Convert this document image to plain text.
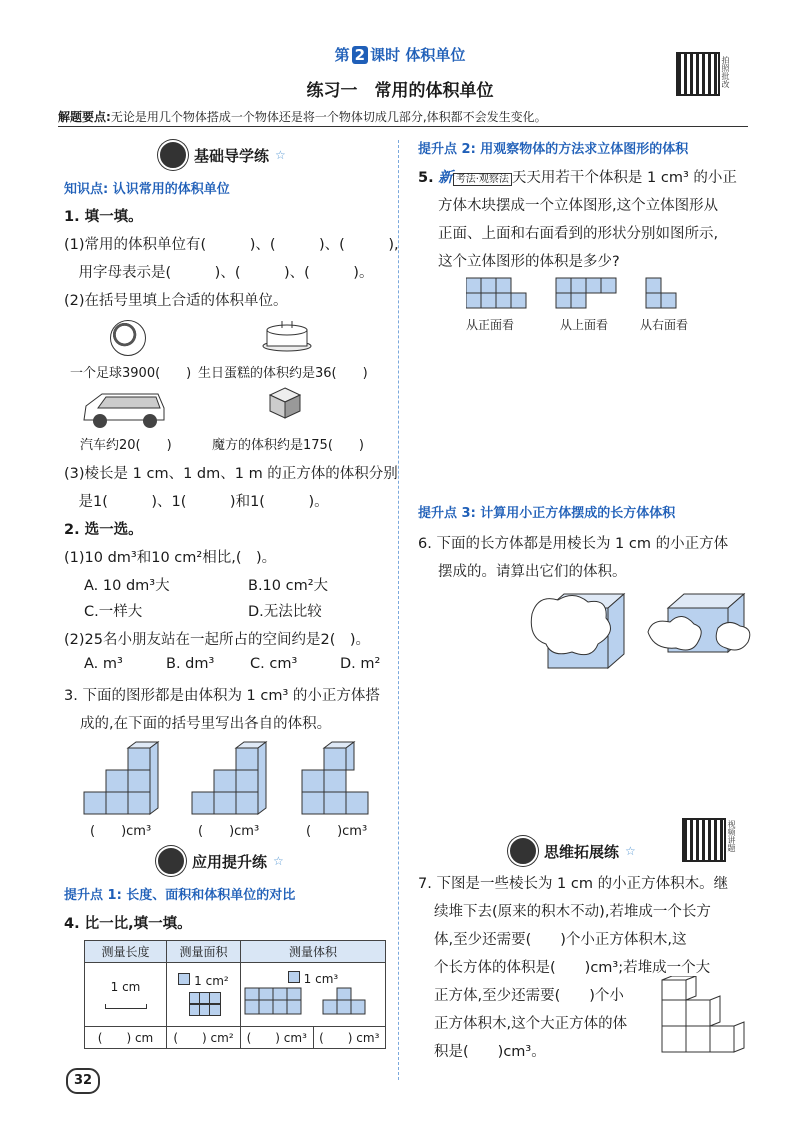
第 2 课时 体积单位
练习一　常用的体积单位
拍照批改
解题要点:无论是用几个物体搭成一个物体还是将一个物体切成几部分,体积都不会发生变化。
基础导学练 ☆
知识点: 认识常用的体积单位
1. 填一填。
(1)常用的体积单位有(　　　)、(　　　)、(　　　),
　用字母表示是(　　　)、(　　　)、(　　　)。
(2)在括号里填上合适的体积单位。
一个足球3900(　　) 生日蛋糕的体积约是36(　　)
汽车约20(　　)	魔方的体积约是175(　　)
(3)棱长是 1 cm、1 dm、1 m 的正方体的体积分别
　是1(　　　)、1(　　　)和1(　　　)。
2. 选一选。
(1)10 dm³和10 cm²相比,(　)。
A. 10 dm³大	B.10 cm²大
C.一样大	D.无法比较
(2)25名小朋友站在一起所占的空间约是2(　)。
A. m³	B. dm³ C. cm³	D. m²
3. 下面的图形都是由体积为 1 cm³ 的小正方体搭
成的,在下面的括号里写出各自的体积。
(　　)cm³	(　　)cm³	(　　)cm³
应用提升练 ☆
提升点 1: 长度、面积和体积单位的对比
4. 比一比,填一填。
测量长度	测量面积	测量体积	

1 cm	1 cm²	1 cm³	

(　　) cm	(　　) cm²	(　　) cm³	(　　) cm³
32
提升点 2: 用观察物体的方法求立体图形的体积
5. 新 考法·观察法 天天用若干个体积是 1 cm³ 的小正
方体木块摆成一个立体图形,这个立体图形从
正面、上面和右面看到的形状分别如图所示,
这个立体图形的体积是多少?
从正面看	从上面看	从右面看
提升点 3: 计算用小正方体摆成的长方体体积
6. 下面的长方体都是用棱长为 1 cm 的小正方体
摆成的。请算出它们的体积。
视频讲题
思维拓展练 ☆
7. 下图是一些棱长为 1 cm 的小正方体积木。继
续堆下去(原来的积木不动),若堆成一个长方
体,至少还需要(　　)个小正方体积木,这
个长方体的体积是(　　)cm³;若堆成一个大
正方体,至少还需要(　　)个小
正方体积木,这个大正方体的体
积是(　　)cm³。
